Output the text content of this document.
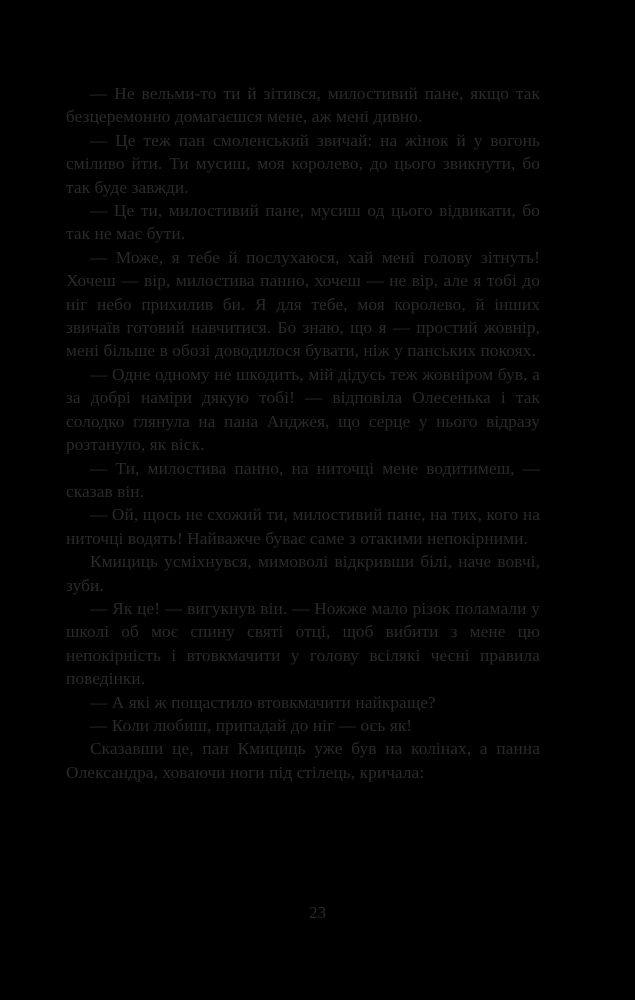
— Не вельми-то ти й зітився, милостивий пане, якщо так безцеремонно домагаєшся мене, аж мені дивно.

— Це теж пан смоленський звичай: на жінок й у вогонь сміливо йти. Ти мусиш, моя королево, до цього звикнути, бо так буде завжди.

— Це ти, милостивий пане, мусиш од цього відвикати, бо так не має бути.

— Може, я тебе й послухаюся, хай мені голову зітнуть! Хочеш — вір, милостива панно, хочеш — не вір, але я тобі до ніг небо прихилив би. Я для тебе, моя королево, й інших звичаїв готовий навчитися. Бо знаю, що я — простий жовнір, мені більше в обозі доводилося бувати, ніж у панських покоях.

— Одне одному не шкодить, мій дідусь теж жовніром був, а за добрі наміри дякую тобі! — відповіла Олесенька і так солодко глянула на пана Анджея, що серце у нього відразу розтануло, як віск.

— Ти, милостива панно, на ниточці мене водитимеш, — сказав він.

— Ой, щось не схожий ти, милостивий пане, на тих, кого на ниточці водять! Найважче буває саме з отакими непокірними.

Кмициць усміхнувся, мимоволі відкривши білі, наче вовчі, зуби.

— Як це! — вигукнув він. — Ножже мало різок поламали у школі об моє спину святі отці, щоб вибити з мене цю непокірність і втовкмачити у голову всілякі чесні правила поведінки.

— А які ж пощастило втовкмачити найкраще?

— Коли любиш, припадай до ніг — ось як!

Сказавши це, пан Кмициць уже був на колінах, а панна Олександра, ховаючи ноги під стілець, кричала:

23
